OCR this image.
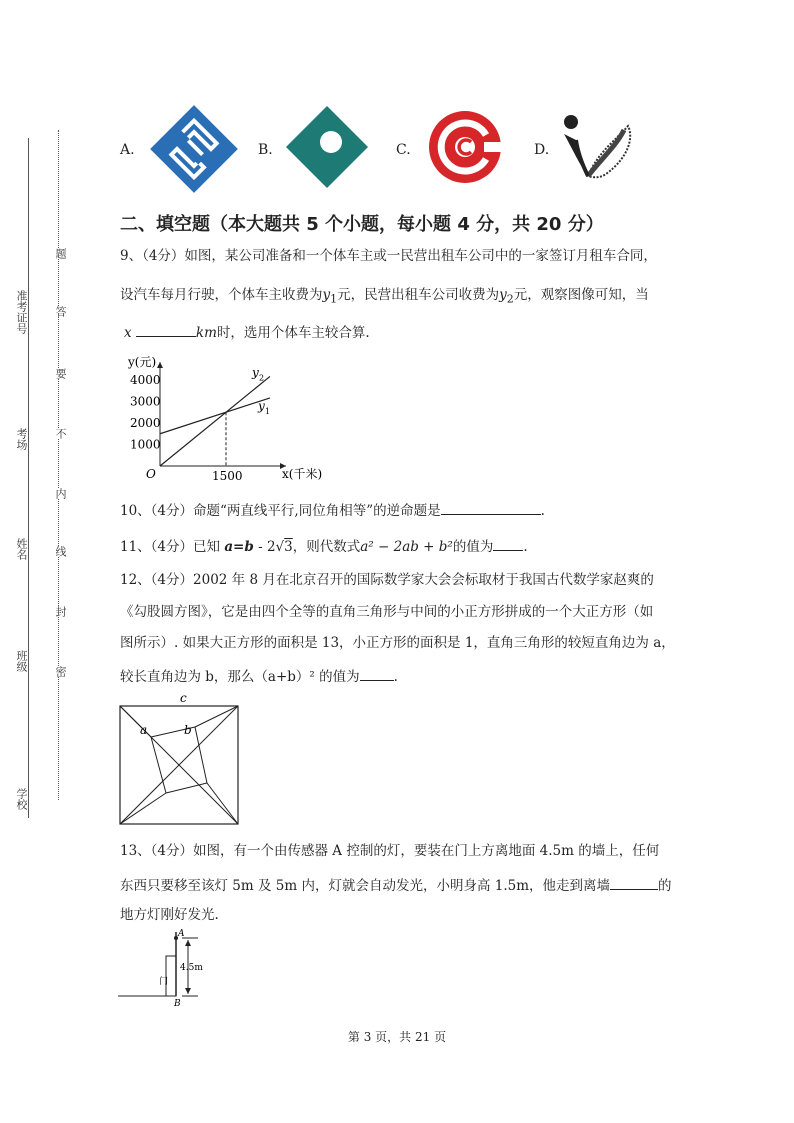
准考证号
考场
姓名
班级
学校
题
答
要
不
内
线
封
密
A.	B.	C.	D.
二、填空题（本大题共 5 个小题，每小题 4 分，共 20 分）
9、（4分）如图，某公司准备和一个体车主或一民营出租车公司中的一家签订月租车合同，
设汽车每月行驶，个体车主收费为$y_1$元，民营出租车公司收费为$y_2$元，观察图像可知，当
x	km时，选用个体车主较合算.
y(元)
x(千米)
O
4000
3000
2000
1000
1500
y 2
y 1
10、（4分）命题“两直线平行,同位角相等”的逆命题是	.
11、（4分）已知 a=b - 2√3，则代数式a² − 2ab + b²的值为 .
12、（4分）2002 年 8 月在北京召开的国际数学家大会会标取材于我国古代数学家赵爽的
《勾股圆方图》，它是由四个全等的直角三角形与中间的小正方形拼成的一个大正方形（如
图所示）. 如果大正方形的面积是 13，小正方形的面积是 1，直角三角形的较短直角边为 a，
较长直角边为 b，那么（a+b）² 的值为	.
c
a	b
13、（4分）如图，有一个由传感器 A 控制的灯，要装在门上方离地面 4.5m 的墙上，任何
东西只要移至该灯 5m 及 5m 内，灯就会自动发光，小明身高 1.5m，他走到离墙	的
地方灯刚好发光.
A
B
门
4.5m
第 3 页，共 21 页
